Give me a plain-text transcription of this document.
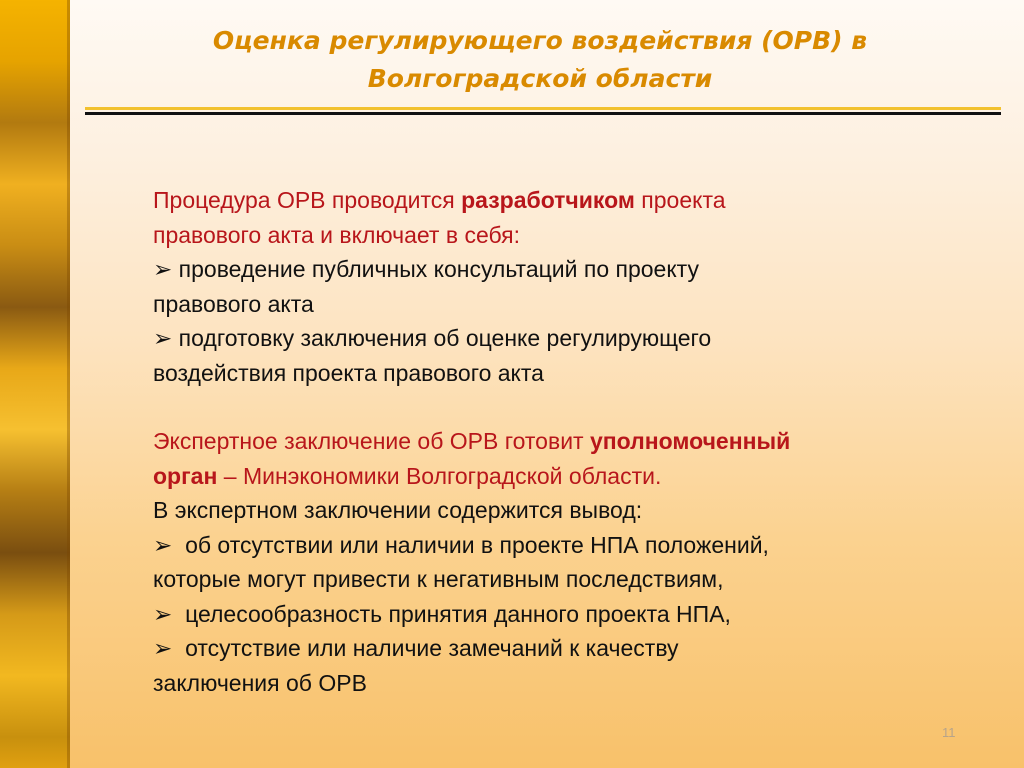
Оценка регулирующего воздействия (ОРВ) в
Волгоградской области

Процедура ОРВ проводится разработчиком проекта
правового акта и включает в себя:

➢ проведение публичных консультаций по проекту
правового акта

➢ подготовку заключения об оценке регулирующего
воздействия проекта правового акта

Экспертное заключение об ОРВ готовит уполномоченный
орган – Минэкономики Волгоградской области.

В экспертном заключении содержится вывод:

➢ об отсутствии или наличии в проекте НПА положений,
которые могут привести к негативным последствиям,

➢ целесообразность принятия данного проекта НПА,

➢ отсутствие или наличие замечаний к качеству
заключения об ОРВ

11
